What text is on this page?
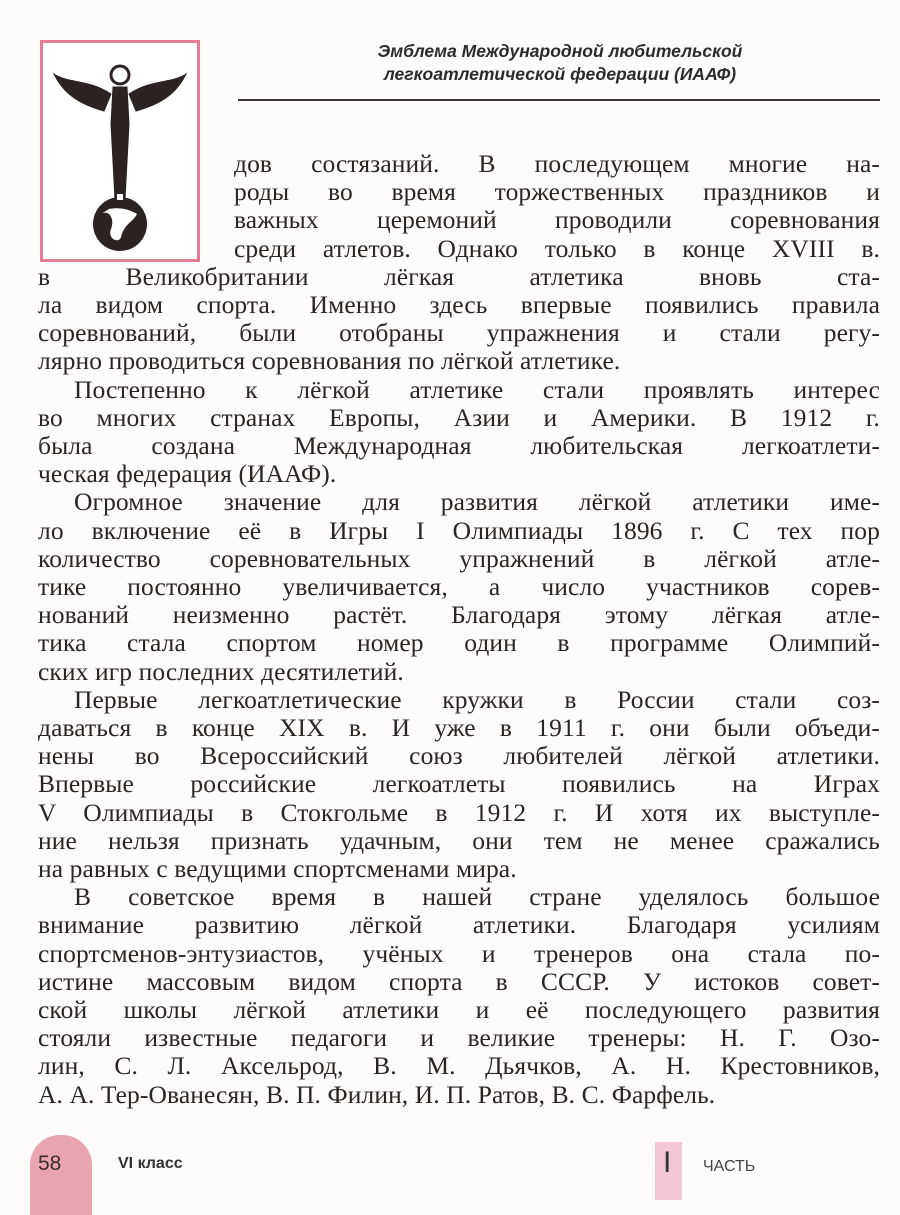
Эмблема Международной любительской
легкоатлетической федерации (ИААФ)
дов состязаний. В последующем многие на-
роды во время торжественных праздников и
важных церемоний проводили соревнования
среди атлетов. Однако только в конце XVIII в.
в Великобритании лёгкая атлетика вновь ста-
ла видом спорта. Именно здесь впервые появились правила
соревнований, были отобраны упражнения и стали регу-
лярно проводиться соревнования по лёгкой атлетике.
Постепенно к лёгкой атлетике стали проявлять интерес
во многих странах Европы, Азии и Америки. В 1912 г.
была создана Международная любительская легкоатлети-
ческая федерация (ИААФ).
Огромное значение для развития лёгкой атлетики име-
ло включение её в Игры I Олимпиады 1896 г. С тех пор
количество соревновательных упражнений в лёгкой атле-
тике постоянно увеличивается, а число участников сорев-
нований неизменно растёт. Благодаря этому лёгкая атле-
тика стала спортом номер один в программе Олимпий-
ских игр последних десятилетий.
Первые легкоатлетические кружки в России стали соз-
даваться в конце XIX в. И уже в 1911 г. они были объеди-
нены во Всероссийский союз любителей лёгкой атлетики.
Впервые российские легкоатлеты появились на Играх
V Олимпиады в Стокгольме в 1912 г. И хотя их выступле-
ние нельзя признать удачным, они тем не менее сражались
на равных с ведущими спортсменами мира.
В советское время в нашей стране уделялось большое
внимание развитию лёгкой атлетики. Благодаря усилиям
спортсменов-энтузиастов, учёных и тренеров она стала по-
истине массовым видом спорта в СССР. У истоков совет-
ской школы лёгкой атлетики и её последующего развития
стояли известные педагоги и великие тренеры: Н. Г. Озо-
лин, С. Л. Аксельрод, В. М. Дьячков, А. Н. Крестовников,
А. А. Тер-Ованесян, В. П. Филин, И. П. Ратов, В. С. Фарфель.
58	VI класс	I ЧАСТЬ
